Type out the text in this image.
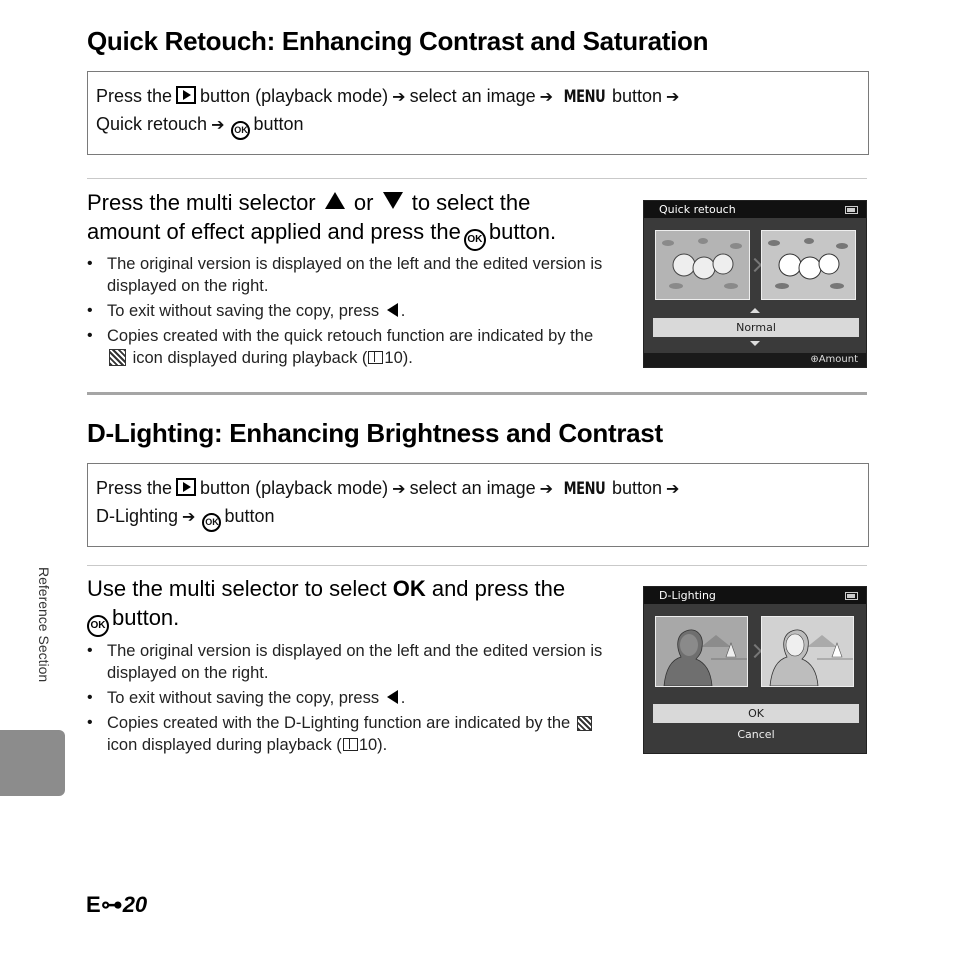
Quick Retouch: Enhancing Contrast and Saturation
Press the button (playback mode) ➔ select an image ➔ MENU button ➔
Quick retouch ➔ OK button
Press the multi selector or to select the
amount of effect applied and press the OK button.
• The original version is displayed on the left and the edited version is displayed on the right.
• To exit without saving the copy, press .
• Copies created with the quick retouch function are indicated by the  icon displayed during playback ( 10).
Quick retouch
Normal
⊕Amount
D-Lighting: Enhancing Brightness and Contrast
Press the button (playback mode) ➔ select an image ➔ MENU button ➔
D-Lighting ➔ OK button
Use the multi selector to select OK and press the
OK button.
• The original version is displayed on the left and the edited version is displayed on the right.
• To exit without saving the copy, press .
• Copies created with the D-Lighting function are indicated by the  icon displayed during playback ( 10).
D-Lighting
OK
Cancel
Reference Section
E⊶20
